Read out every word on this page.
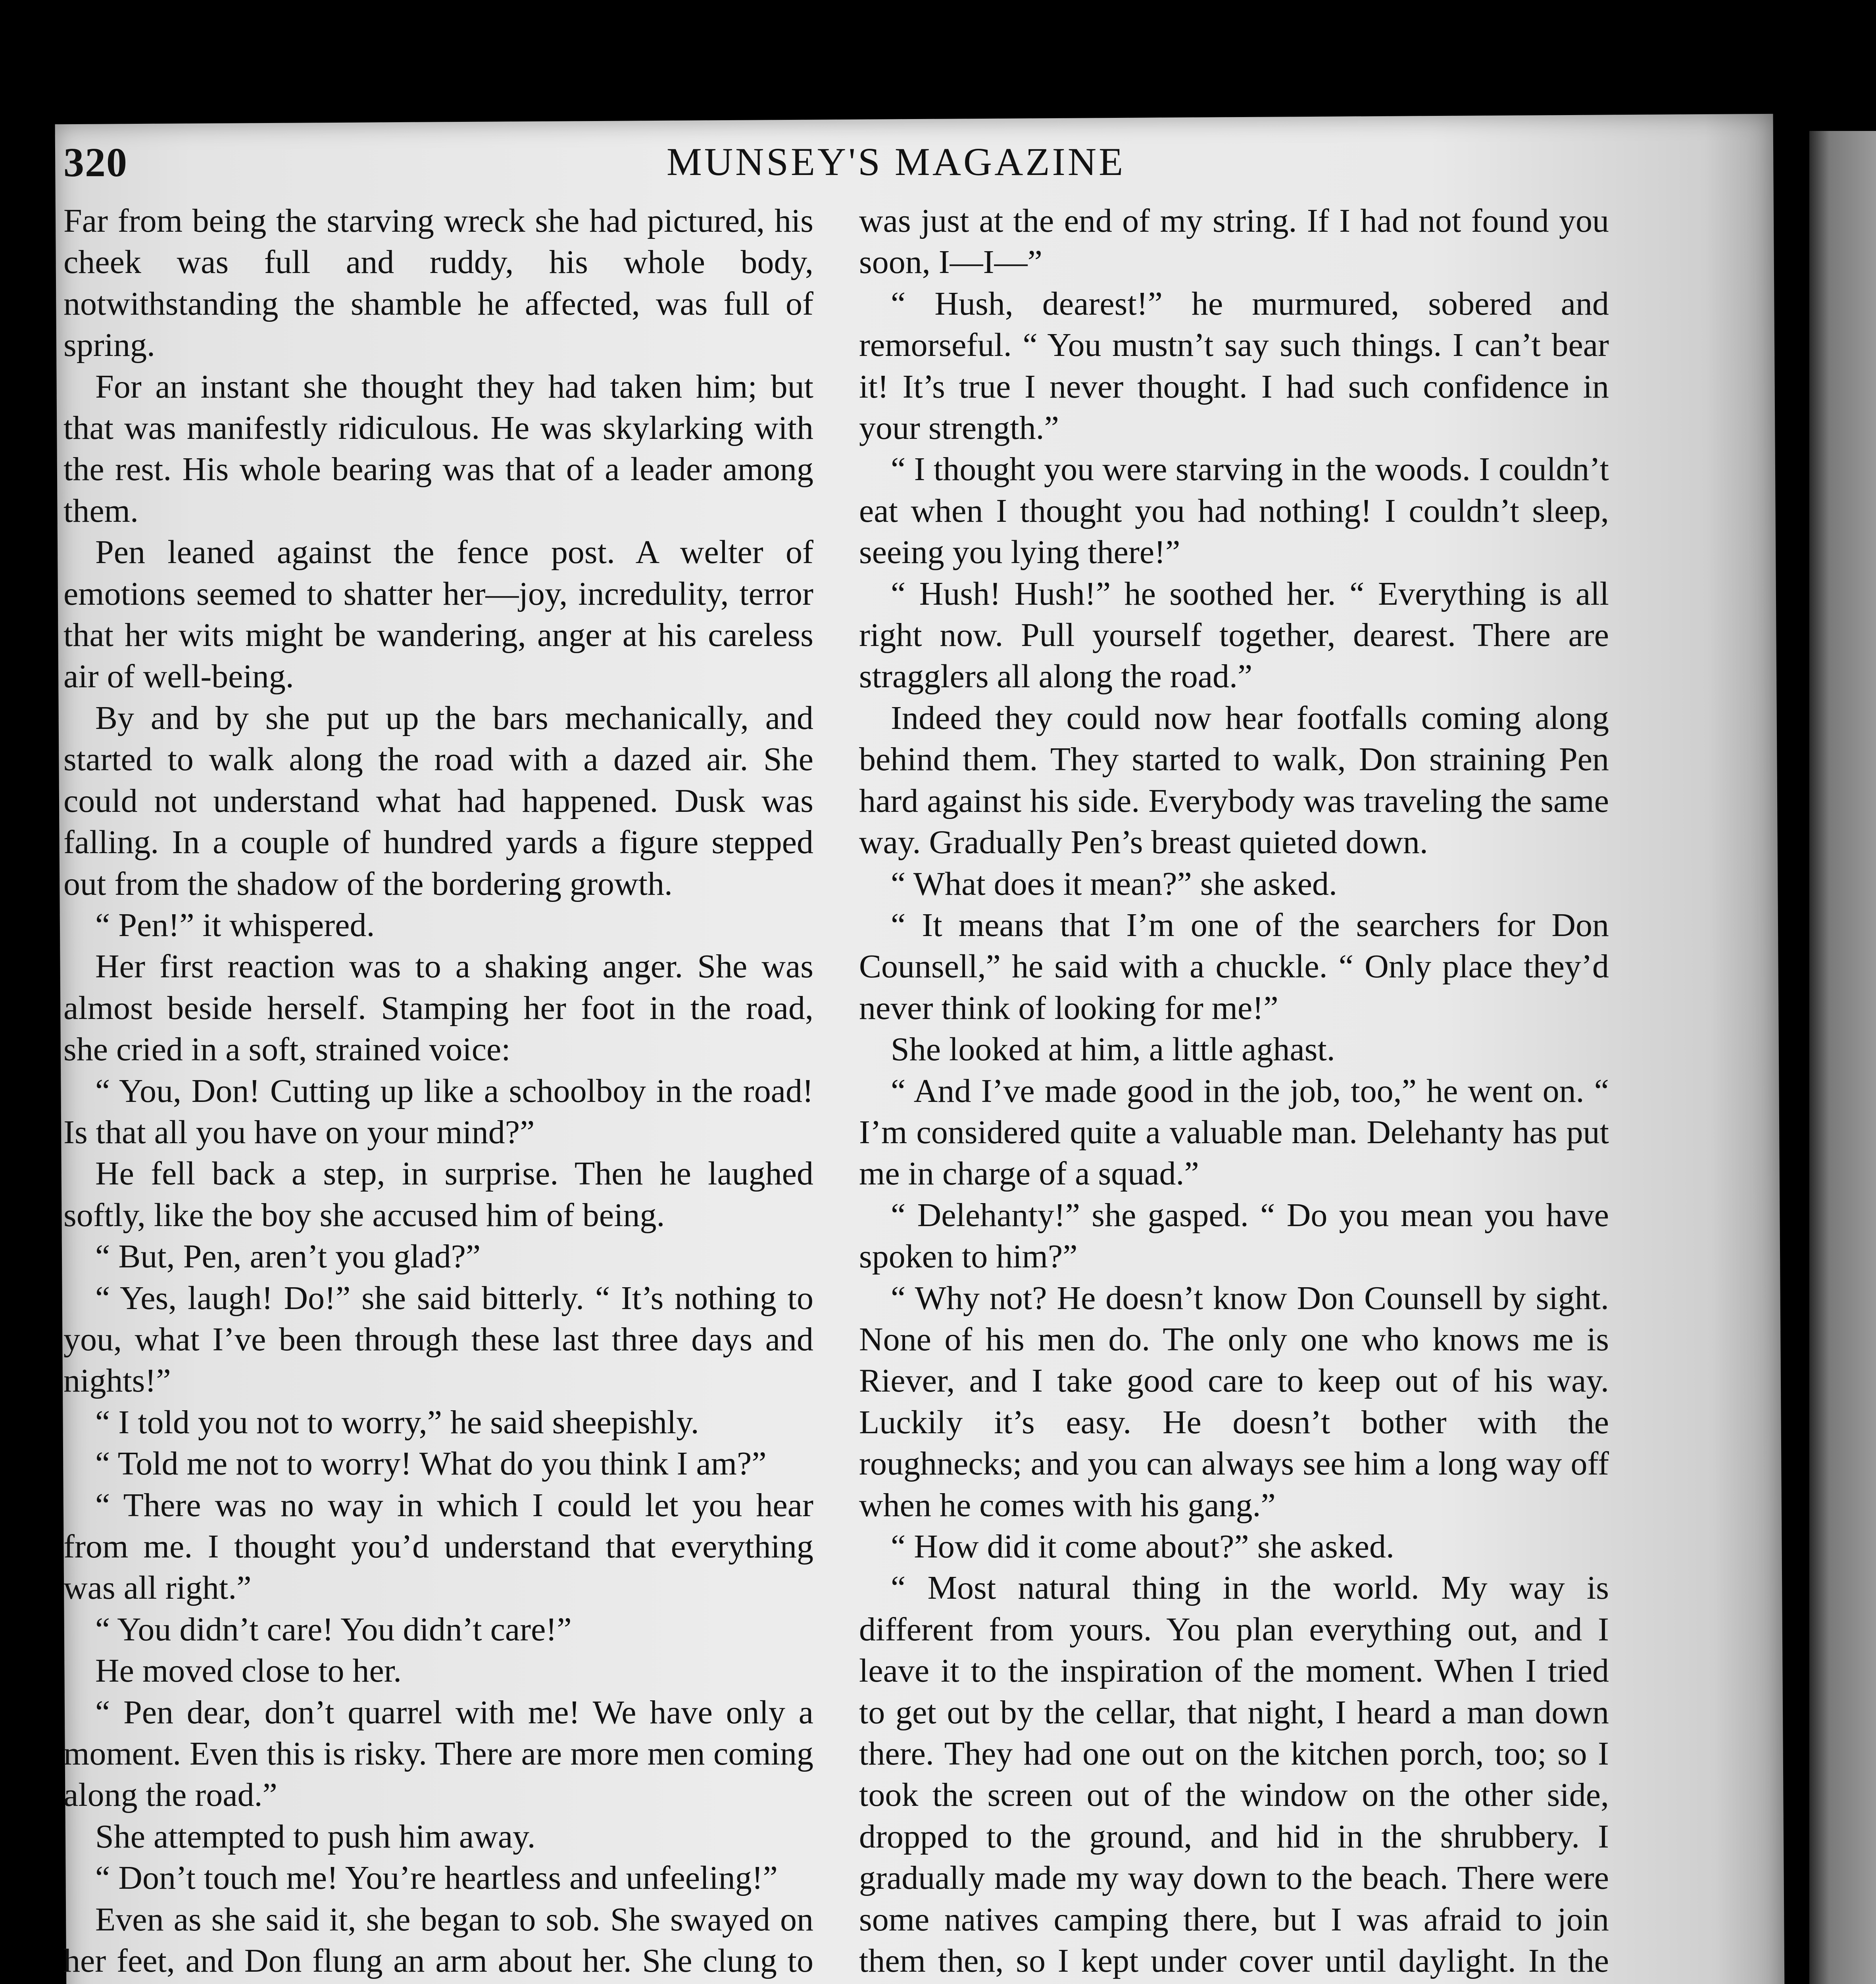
320	MUNSEY'S MAGAZINE

Far from being the starving wreck she had pictured, his cheek was full and ruddy, his whole body, notwithstanding the shamble he affected, was full of spring.

For an instant she thought they had taken him; but that was manifestly ridiculous. He was skylarking with the rest. His whole bearing was that of a leader among them.

Pen leaned against the fence post. A welter of emotions seemed to shatter her—joy, incredulity, terror that her wits might be wandering, anger at his careless air of well-being.

By and by she put up the bars mechanically, and started to walk along the road with a dazed air. She could not understand what had happened. Dusk was falling. In a couple of hundred yards a figure stepped out from the shadow of the bordering growth.

“ Pen!” it whispered.

Her first reaction was to a shaking anger. She was almost beside herself. Stamping her foot in the road, she cried in a soft, strained voice:

“ You, Don! Cutting up like a schoolboy in the road! Is that all you have on your mind?”

He fell back a step, in surprise. Then he laughed softly, like the boy she accused him of being.

“ But, Pen, aren’t you glad?”

“ Yes, laugh! Do!” she said bitterly. “ It’s nothing to you, what I’ve been through these last three days and nights!”

“ I told you not to worry,” he said sheepishly.

“ Told me not to worry! What do you think I am?”

“ There was no way in which I could let you hear from me. I thought you’d understand that everything was all right.”

“ You didn’t care! You didn’t care!”

He moved close to her.

“ Pen dear, don’t quarrel with me! We have only a moment. Even this is risky. There are more men coming along the road.”

She attempted to push him away.

“ Don’t touch me! You’re heartless and unfeeling!”

Even as she said it, she began to sob. She swayed on her feet, and Don flung an arm about her. She clung to

was just at the end of my string. If I had not found you soon, I—I—”

“ Hush, dearest!” he murmured, sobered and remorseful. “ You mustn’t say such things. I can’t bear it! It’s true I never thought. I had such confidence in your strength.”

“ I thought you were starving in the woods. I couldn’t eat when I thought you had nothing! I couldn’t sleep, seeing you lying there!”

“ Hush! Hush!” he soothed her. “ Everything is all right now. Pull yourself together, dearest. There are stragglers all along the road.”

Indeed they could now hear footfalls coming along behind them. They started to walk, Don straining Pen hard against his side. Everybody was traveling the same way. Gradually Pen’s breast quieted down.

“ What does it mean?” she asked.

“ It means that I’m one of the searchers for Don Counsell,” he said with a chuckle. “ Only place they’d never think of looking for me!”

She looked at him, a little aghast.

“ And I’ve made good in the job, too,” he went on. “ I’m considered quite a valuable man. Delehanty has put me in charge of a squad.”

“ Delehanty!” she gasped. “ Do you mean you have spoken to him?”

“ Why not? He doesn’t know Don Counsell by sight. None of his men do. The only one who knows me is Riever, and I take good care to keep out of his way. Luckily it’s easy. He doesn’t bother with the roughnecks; and you can always see him a long way off when he comes with his gang.”

“ How did it come about?” she asked.

“ Most natural thing in the world. My way is different from yours. You plan everything out, and I leave it to the inspiration of the moment. When I tried to get out by the cellar, that night, I heard a man down there. They had one out on the kitchen porch, too; so I took the screen out of the window on the other side, dropped to the ground, and hid in the shrubbery. I gradually made my way down to the beach. There were some natives camping there, but I was afraid to join them then, so I kept under cover until daylight. In the
